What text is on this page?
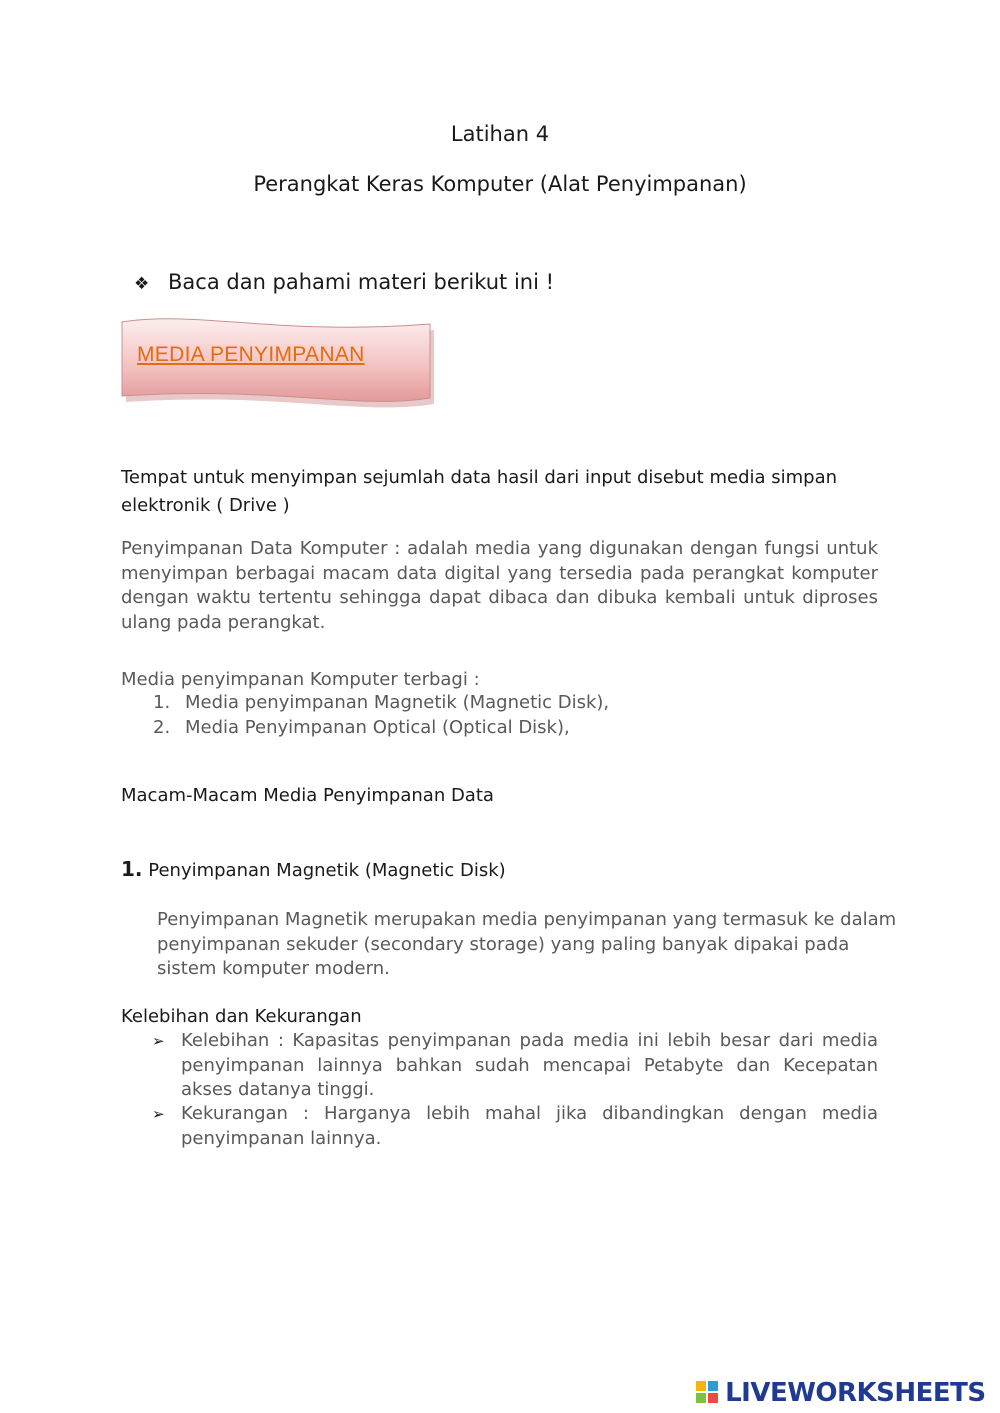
Latihan 4
Perangkat Keras Komputer (Alat Penyimpanan)
❖ Baca dan pahami materi berikut ini !
MEDIA PENYIMPANAN
Tempat untuk menyimpan sejumlah data hasil dari input disebut media simpan elektronik ( Drive )
Penyimpanan Data Komputer : adalah media yang digunakan dengan fungsi untuk menyimpan berbagai macam data digital yang tersedia pada perangkat komputer dengan waktu tertentu sehingga dapat dibaca dan dibuka kembali untuk diproses ulang pada perangkat.
Media penyimpanan Komputer terbagi :
1. Media penyimpanan Magnetik (Magnetic Disk),
2. Media Penyimpanan Optical (Optical Disk),
Macam-Macam Media Penyimpanan Data
1. Penyimpanan Magnetik (Magnetic Disk)
Penyimpanan Magnetik merupakan media penyimpanan yang termasuk ke dalam
penyimpanan sekuder (secondary storage) yang paling banyak dipakai pada
sistem komputer modern.
Kelebihan dan Kekurangan
➢ Kelebihan : Kapasitas penyimpanan pada media ini lebih besar dari media penyimpanan lainnya bahkan sudah mencapai Petabyte dan Kecepatan akses datanya tinggi.
➢ Kekurangan : Harganya lebih mahal jika dibandingkan dengan media penyimpanan lainnya.
LIVEWORKSHEETS
